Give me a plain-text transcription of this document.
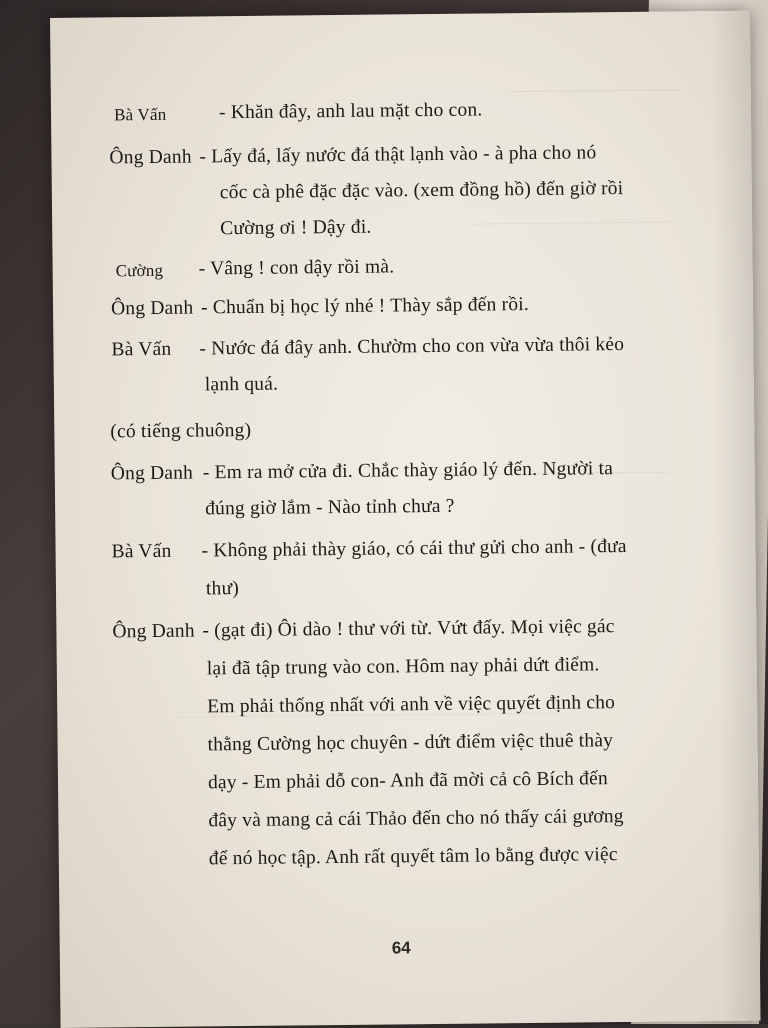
Bà Vấn	- Khăn đây, anh lau mặt cho con.
Ông Danh - Lấy đá, lấy nước đá thật lạnh vào - à pha cho nó
cốc cà phê đặc đặc vào. (xem đồng hồ) đến giờ rồi
Cường ơi ! Dậy đi.
Cường - Vâng ! con dậy rồi mà.
Ông Danh - Chuẩn bị học lý nhé ! Thày sắp đến rồi.
Bà Vấn - Nước đá đây anh. Chườm cho con vừa vừa thôi kẻo
lạnh quá.
(có tiếng chuông)
Ông Danh - Em ra mở cửa đi. Chắc thày giáo lý đến. Người ta
đúng giờ lắm - Nào tỉnh chưa ?
Bà Vấn - Không phải thày giáo, có cái thư gửi cho anh - (đưa
thư)
Ông Danh - (gạt đi) Ôi dào ! thư với từ. Vứt đấy. Mọi việc gác
lại đã tập trung vào con. Hôm nay phải dứt điểm.
Em phải thống nhất với anh về việc quyết định cho
thằng Cường học chuyên - dứt điểm việc thuê thày
dạy - Em phải dỗ con- Anh đã mời cả cô Bích đến
đây và mang cả cái Thảo đến cho nó thấy cái gương
để nó học tập. Anh rất quyết tâm lo bằng được việc
64
